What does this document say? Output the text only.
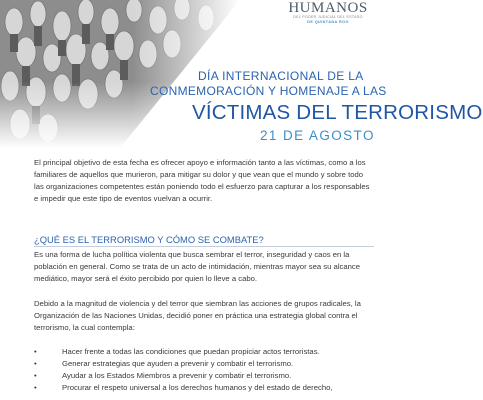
HUMANOS
DEL PODER JUDICIAL DEL ESTADO
DE QUINTANA ROO
DÍA INTERNACIONAL DE LA
CONMEMORACIÓN Y HOMENAJE A LAS
VÍCTIMAS DEL TERRORISMO
21 DE AGOSTO

El principal objetivo de esta fecha es ofrecer apoyo e información tanto a las víctimas, como a los familiares de aquellos que murieron, para mitigar su dolor y que vean que el mundo y sobre todo las organizaciones competentes están poniendo todo el esfuerzo para capturar a los responsables e impedir que este tipo de eventos vuelvan a ocurrir.

¿QUÉ ES EL TERRORISMO Y CÓMO SE COMBATE?

Es una forma de lucha política violenta que busca sembrar el terror, inseguridad y caos en la población en general. Como se trata de un acto de intimidación, mientras mayor sea su alcance mediático, mayor será el éxito percibido por quien lo lleve a cabo.

Debido a la magnitud de violencia y del terror que siembran las acciones de grupos radicales, la Organización de las Naciones Unidas, decidió poner en práctica una estrategia global contra el terrorismo, la cual contempla:

•	Hacer frente a todas las condiciones que puedan propiciar actos terroristas.
•	Generar estrategias que ayuden a prevenir y combatir el terrorismo.
•	Ayudar a los Estados Miembros a prevenir y combatir el terrorismo.
•	Procurar el respeto universal a los derechos humanos y del estado de derecho,
